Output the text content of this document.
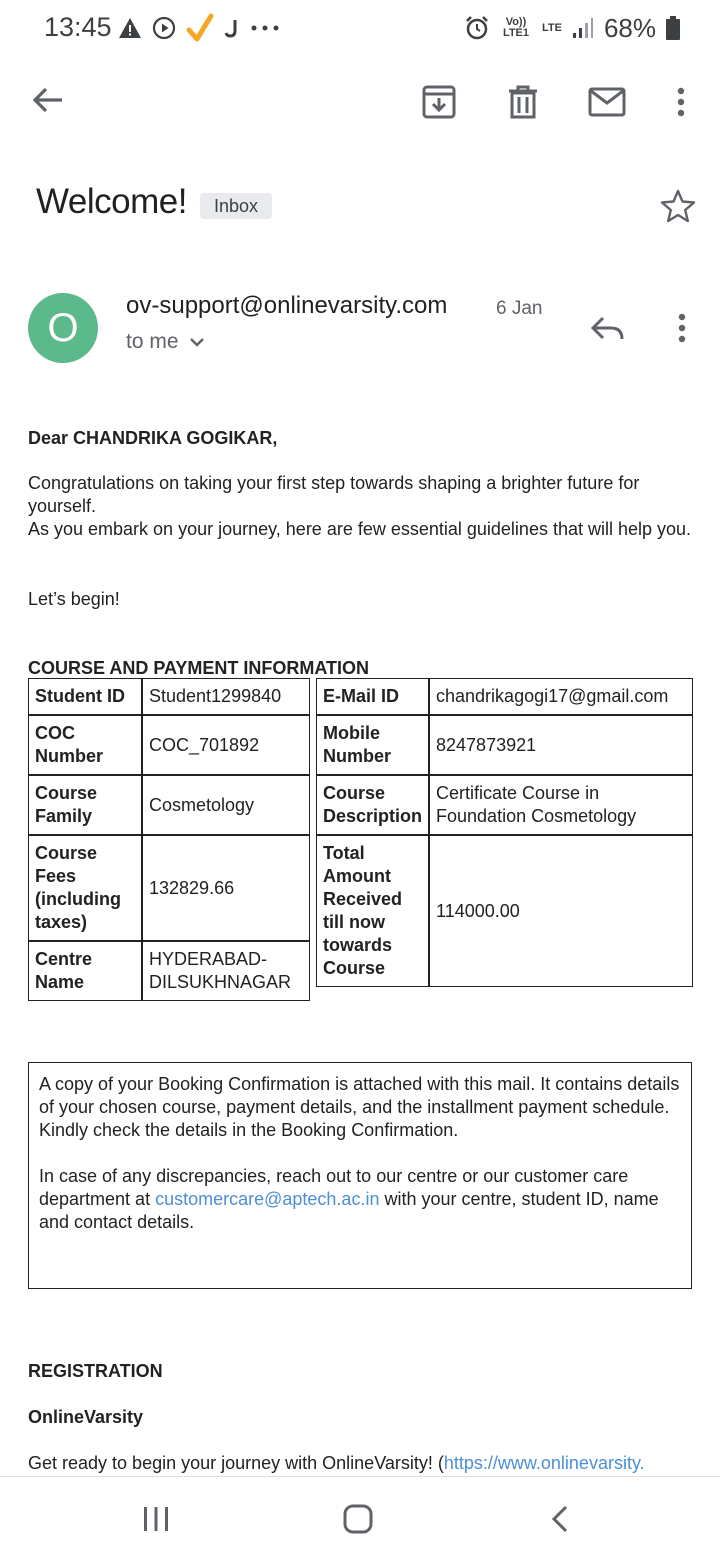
13:45	Vo)) LTE1 LTE 68%
Welcome!	Inbox
O ov-support@onlinevarsity.com	6 Jan
to me
Dear CHANDRIKA GOGIKAR,
Congratulations on taking your first step towards shaping a brighter future for yourself.
As you embark on your journey, here are few essential guidelines that will help you.
Let’s begin!
COURSE AND PAYMENT INFORMATION
Student ID	Student1299840
COC Number	COC_701892
Course Family	Cosmetology
Course Fees (including taxes)	132829.66
Centre Name	HYDERABAD-DILSUKHNAGAR
E-Mail ID	chandrikagogi17@gmail.com
Mobile Number	8247873921
Course Description	Certificate Course in Foundation Cosmetology
Total Amount Received till now towards Course	114000.00
A copy of your Booking Confirmation is attached with this mail. It contains details of your chosen course, payment details, and the installment payment schedule. Kindly check the details in the Booking Confirmation.
In case of any discrepancies, reach out to our centre or our customer care department at customercare@aptech.ac.in with your centre, student ID, name and contact details.
REGISTRATION
OnlineVarsity
Get ready to begin your journey with OnlineVarsity! (https://www.onlinevarsity.
